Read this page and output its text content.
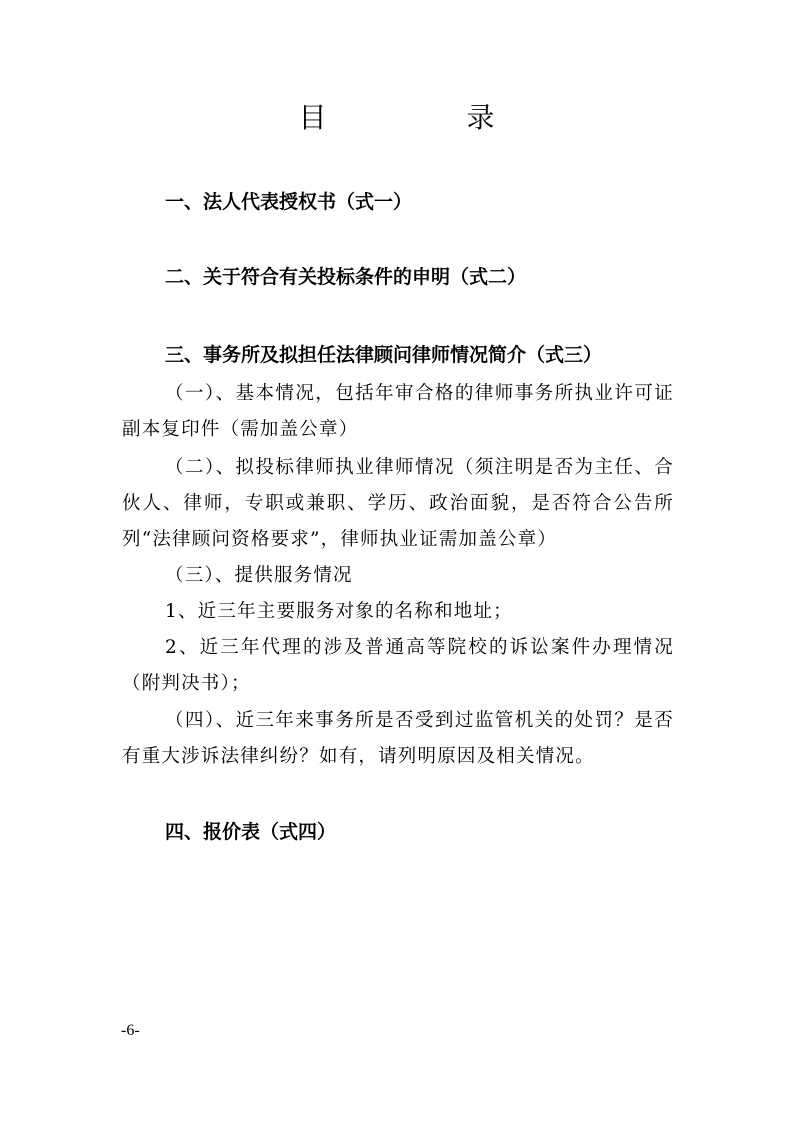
目　录
一、法人代表授权书（式一）
二、关于符合有关投标条件的申明（式二）
三、事务所及拟担任法律顾问律师情况简介（式三）
（一）、基本情况，包括年审合格的律师事务所执业许可证副本复印件（需加盖公章）
（二）、拟投标律师执业律师情况（须注明是否为主任、合伙人、律师，专职或兼职、学历、政治面貌，是否符合公告所列“法律顾问资格要求”，律师执业证需加盖公章）
（三）、提供服务情况
1、近三年主要服务对象的名称和地址；
2、近三年代理的涉及普通高等院校的诉讼案件办理情况（附判决书）；
（四）、近三年来事务所是否受到过监管机关的处罚？是否有重大涉诉法律纠纷？如有，请列明原因及相关情况。
四、报价表（式四）
-6-
